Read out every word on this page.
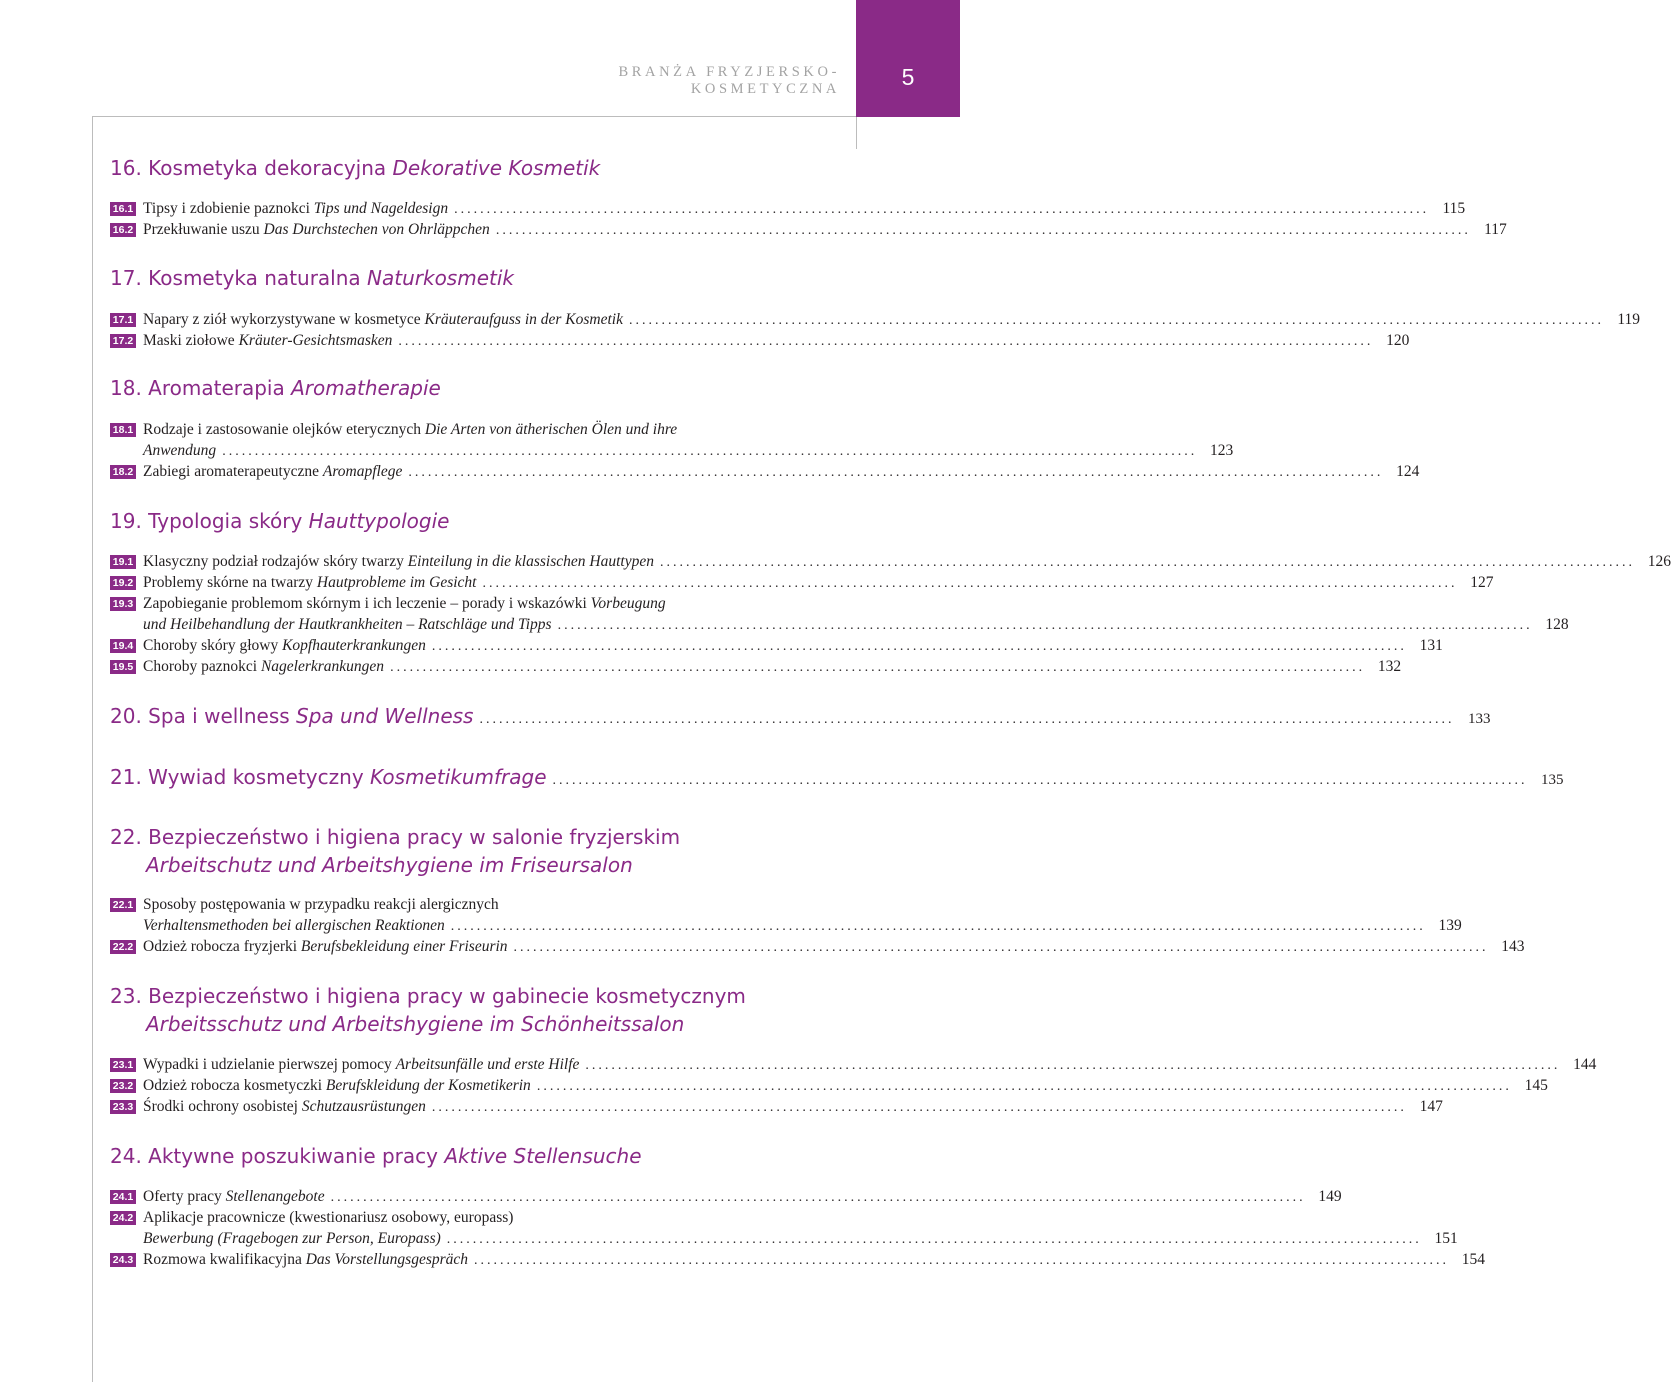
BRANŻA FRYZJERSKO-KOSMETYCZNA	5
16. Kosmetyka dekoracyjna Dekorative Kosmetik
16.1 Tipsy i zdobienie paznokci Tips und Nageldesign ...................................................................................................................................................... 115
16.2 Przekłuwanie uszu Das Durchstechen von Ohrläppchen ...................................................................................................................................................... 117
17. Kosmetyka naturalna Naturkosmetik
17.1 Napary z ziół wykorzystywane w kosmetyce Kräuteraufguss in der Kosmetik ...................................................................................................................................................... 119
17.2 Maski ziołowe Kräuter-Gesichtsmasken ...................................................................................................................................................... 120
18. Aromaterapia Aromatherapie
18.1 Rodzaje i zastosowanie olejków eterycznych Die Arten von ätherischen Ölen und ihre
Anwendung ...................................................................................................................................................... 123
18.2 Zabiegi aromaterapeutyczne Aromapflege ...................................................................................................................................................... 124
19. Typologia skóry Hauttypologie
19.1 Klasyczny podział rodzajów skóry twarzy Einteilung in die klassischen Hauttypen ...................................................................................................................................................... 126
19.2 Problemy skórne na twarzy Hautprobleme im Gesicht ...................................................................................................................................................... 127
19.3 Zapobieganie problemom skórnym i ich leczenie – porady i wskazówki Vorbeugung
und Heilbehandlung der Hautkrankheiten – Ratschläge und Tipps ...................................................................................................................................................... 128
19.4 Choroby skóry głowy Kopfhauterkrankungen ...................................................................................................................................................... 131
19.5 Choroby paznokci Nagelerkrankungen ...................................................................................................................................................... 132
20. Spa i wellness Spa und Wellness ...................................................................................................................................................... 133
21. Wywiad kosmetyczny Kosmetikumfrage ...................................................................................................................................................... 135
22. Bezpieczeństwo i higiena pracy w salonie fryzjerskim
Arbeitschutz und Arbeitshygiene im Friseursalon
22.1 Sposoby postępowania w przypadku reakcji alergicznych
Verhaltensmethoden bei allergischen Reaktionen ...................................................................................................................................................... 139
22.2 Odzież robocza fryzjerki Berufsbekleidung einer Friseurin ...................................................................................................................................................... 143
23. Bezpieczeństwo i higiena pracy w gabinecie kosmetycznym
Arbeitsschutz und Arbeitshygiene im Schönheitssalon
23.1 Wypadki i udzielanie pierwszej pomocy Arbeitsunfälle und erste Hilfe ...................................................................................................................................................... 144
23.2 Odzież robocza kosmetyczki Berufskleidung der Kosmetikerin ...................................................................................................................................................... 145
23.3 Środki ochrony osobistej Schutzausrüstungen ...................................................................................................................................................... 147
24. Aktywne poszukiwanie pracy Aktive Stellensuche
24.1 Oferty pracy Stellenangebote ...................................................................................................................................................... 149
24.2 Aplikacje pracownicze (kwestionariusz osobowy, europass)
Bewerbung (Fragebogen zur Person, Europass) ...................................................................................................................................................... 151
24.3 Rozmowa kwalifikacyjna Das Vorstellungsgespräch ...................................................................................................................................................... 154
